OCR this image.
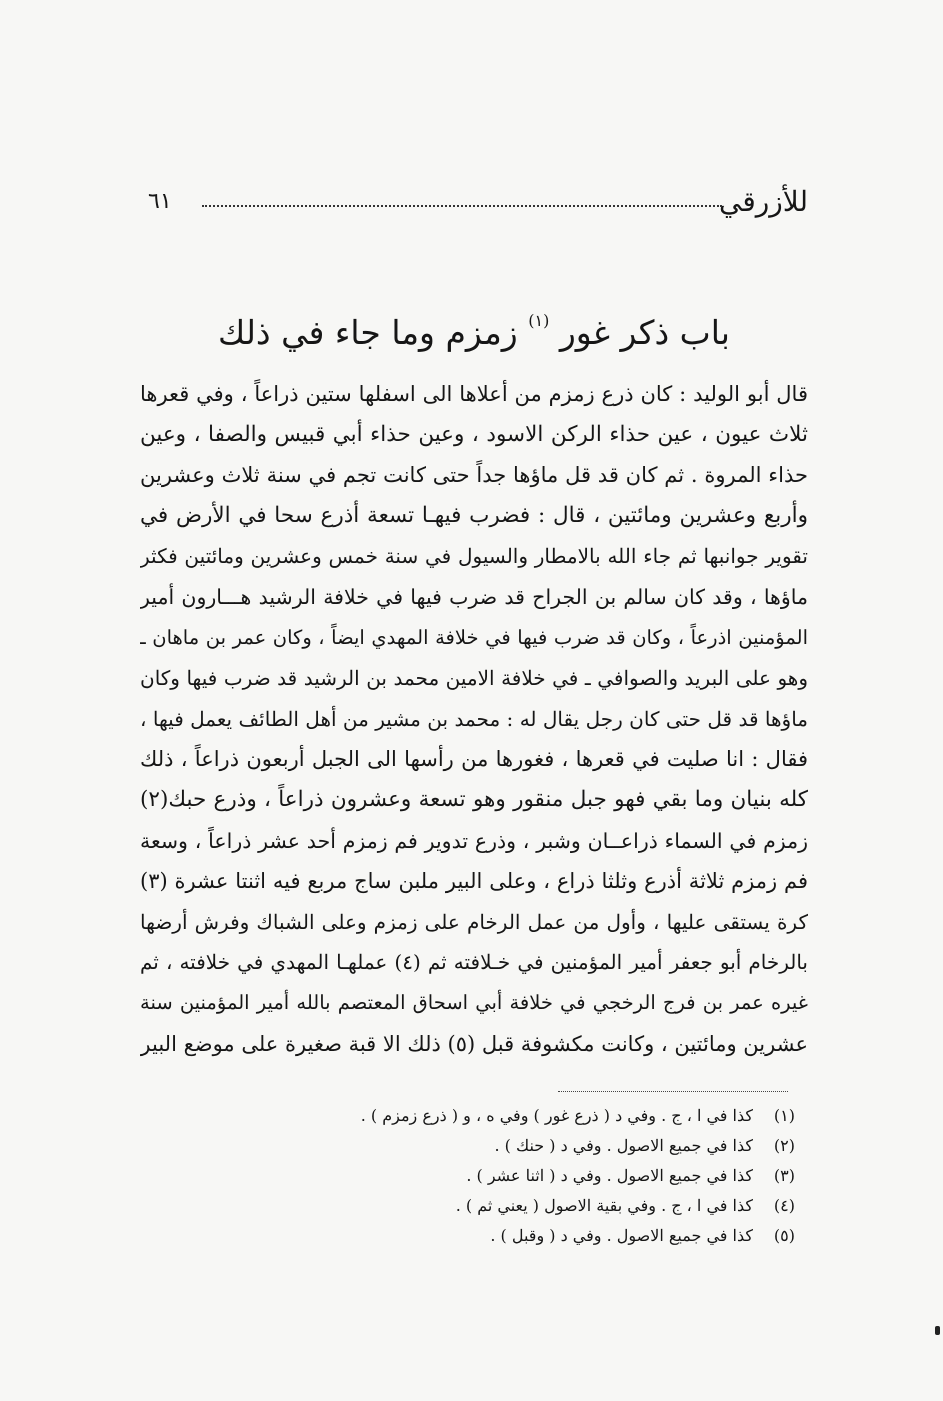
للأزرقي
٦١
باب ذكر غور $^{(١)}$ زمزم وما جاء في ذلك
قال أبو الوليد : كان ذرع زمزم من أعلاها الى اسفلها ستين ذراعاً ، وفي قعرها
ثلاث عيون ، عين حذاء الركن الاسود ، وعين حذاء أبي قبيس والصفا ، وعين
حذاء المروة . ثم كان قد قل ماؤها جداً حتى كانت تجم في سنة ثلاث وعشرين
وأربع وعشرين ومائتين ، قال : فضرب فيهـا تسعة أذرع سحا في الأرض في
تقوير جوانبها ثم جاء الله بالامطار والسيول في سنة خمس وعشرين ومائتين فكثر
ماؤها ، وقد كان سالم بن الجراح قد ضرب فيها في خلافة الرشيد هـــارون أمير
المؤمنين اذرعاً ، وكان قد ضرب فيها في خلافة المهدي ايضاً ، وكان عمر بن ماهان ـ
وهو على البريد والصوافي ـ في خلافة الامين محمد بن الرشيد قد ضرب فيها وكان
ماؤها قد قل حتى كان رجل يقال له : محمد بن مشير من أهل الطائف يعمل فيها ،
فقال : انا صليت في قعرها ، فغورها من رأسها الى الجبل أربعون ذراعاً ، ذلك
كله بنيان وما بقي فهو جبل منقور وهو تسعة وعشرون ذراعاً ، وذرع حبك(٢)
زمزم في السماء ذراعــان وشبر ، وذرع تدوير فم زمزم أحد عشر ذراعاً ، وسعة
فم زمزم ثلاثة أذرع وثلثا ذراع ، وعلى البير ملبن ساج مربع فيه اثنتا عشرة (٣)
كرة يستقى عليها ، وأول من عمل الرخام على زمزم وعلى الشباك وفرش أرضها
بالرخام أبو جعفر أمير المؤمنين في خـلافته ثم (٤) عملهـا المهدي في خلافته ، ثم
غيره عمر بن فرج الرخجي في خلافة أبي اسحاق المعتصم بالله أمير المؤمنين سنة
عشرين ومائتين ، وكانت مكشوفة قبل (٥) ذلك الا قبة صغيرة على موضع البير
(١)كذا في ا ، ج . وفي د ( ذرع غور ) وفي ه ، و ( ذرع زمزم ) .
(٢)كذا في جميع الاصول . وفي د ( حنك ) .
(٣)كذا في جميع الاصول . وفي د ( اثنا عشر ) .
(٤)كذا في ا ، ج . وفي بقية الاصول ( يعني ثم ) .
(٥)كذا في جميع الاصول . وفي د ( وقبل ) .
